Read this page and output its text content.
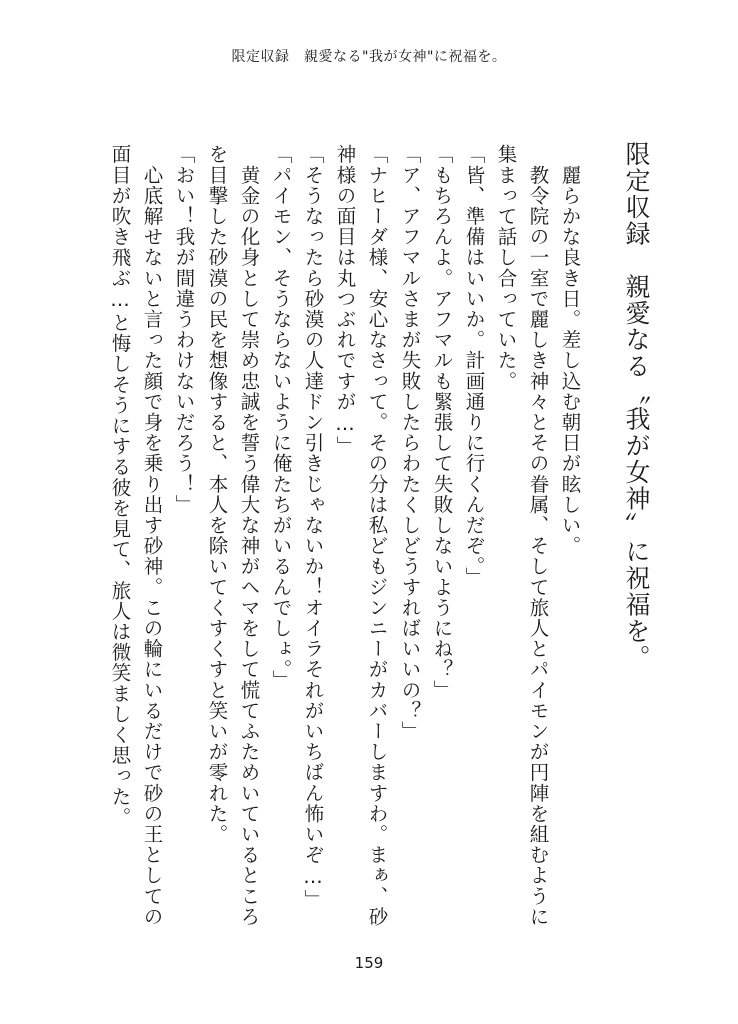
限定収録　親愛なる"我が女神"に祝福を。
限定収録　親愛なる〝我が女神〟に祝福を。
　麗らかな良き日。差し込む朝日が眩しい。
　教令院の一室で麗しき神々とその眷属、そして旅人とパイモンが円陣を組むように
集まって話し合っていた。
「皆、準備はいいか。計画通りに行くんだぞ。」
「もちろんよ。アフマルも緊張して失敗しないようにね？」
「ア、アフマルさまが失敗したらわたくしどうすればいいの？」
「ナヒーダ様、安心なさって。その分は私どもジンニーがカバーしますわ。まぁ、砂
神様の面目は丸つぶれですが…」
「そうなったら砂漠の人達ドン引きじゃないか！オイラそれがいちばん怖いぞ…」
「パイモン、そうならないように俺たちがいるんでしょ。」
　黄金の化身として崇め忠誠を誓う偉大な神がヘマをして慌てふためいているところ
を目撃した砂漠の民を想像すると、本人を除いてくすくすと笑いが零れた。
「おい！我が間違うわけないだろう！」
　心底解せないと言った顔で身を乗り出す砂神。この輪にいるだけで砂の王としての
面目が吹き飛ぶ…と悔しそうにする彼を見て、旅人は微笑ましく思った。
159
